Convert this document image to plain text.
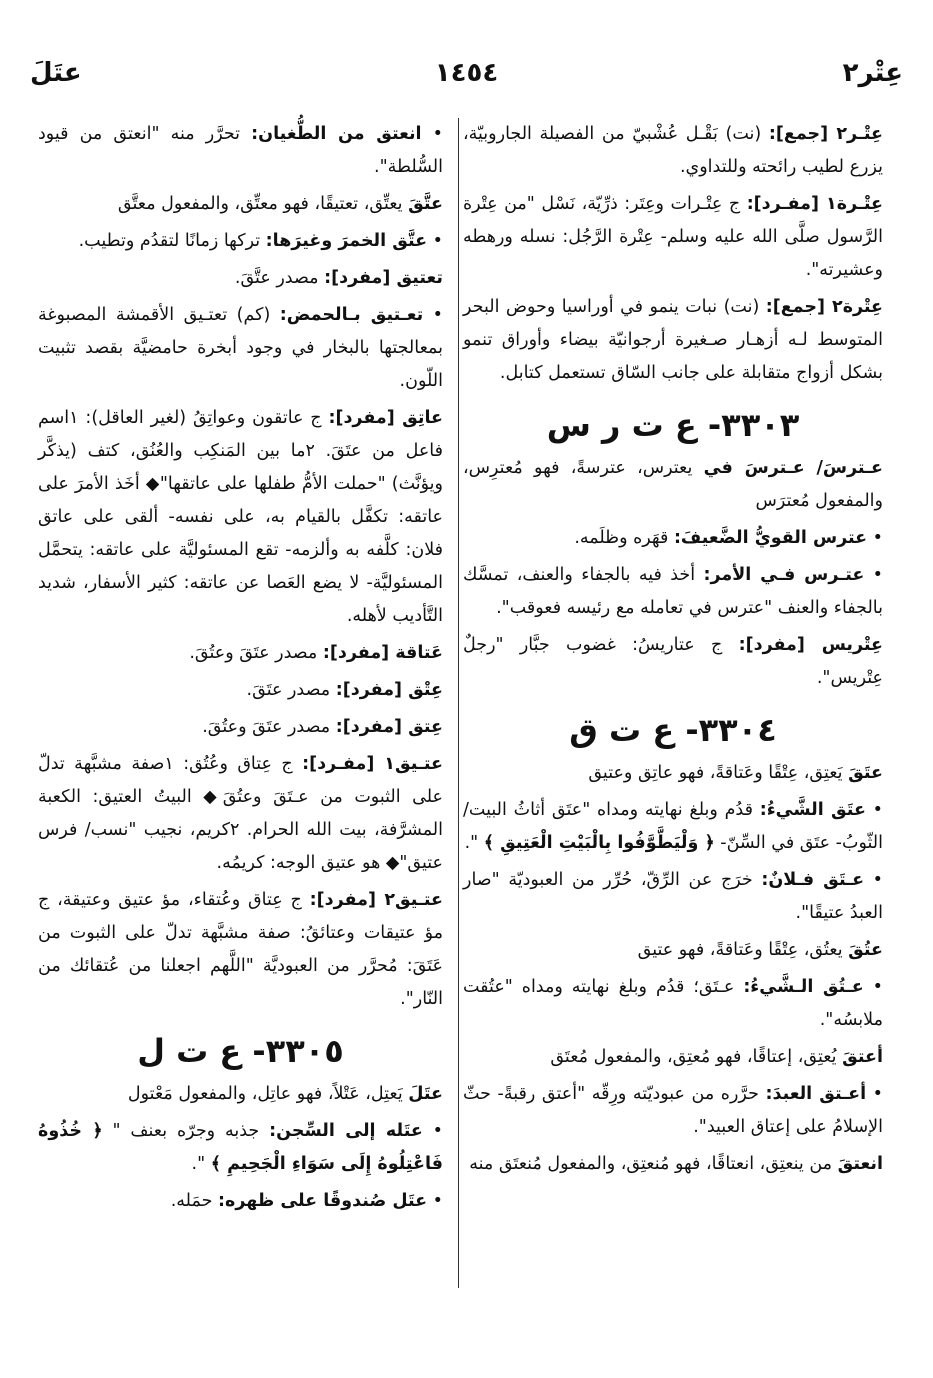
عِتْر٢
١٤٥٤
عتَلَ
عِتْـر٢ [جمع]: (نت) بَقْـل عُشْبيّ من الفصيلة الجاروبيّة، يزرع لطيب رائحته وللتداوي.
عِتْـرة١ [مفـرد]: ج عِتْـرات وعِتَر: ذرِّيّة، نَسْل "من عِتْرة الرَّسول صلَّى الله عليه وسلم- عِتْرة الرَّجُل: نسله ورهطه وعشيرته".
عِتْرة٢ [جمع]: (نت) نبات ينمو في أوراسيا وحوض البحر المتوسط لـه أزهـار صـغيرة أرجوانيّة بيضاء وأوراق تنمو بشكل أزواج متقابلة على جانب السّاق تستعمل كتابل.
٣٣٠٣- ع ت ر س
عـترسَ/ عـترسَ في يعترس، عترسةً، فهو مُعترِس، والمفعول مُعترَس
• عترس القويُّ الضَّعيفَ: قهَره وظلَمه.
• عتـرس فـي الأمر: أخذ فيه بالجفاء والعنف، تمسَّك بالجفاء والعنف "عترس في تعامله مع رئيسه فعوقب".
عِتْريس [مفرد]: ج عتاريسُ: غضوب جبَّار "رجلٌ عِتْريس".
٣٣٠٤- ع ت ق
عتَقَ يَعتِق، عِتْقًا وعَتاقةً، فهو عاتِق وعتيق
• عتَق الشَّيءُ: قدُم وبلغ نهايته ومداه "عتَق أثاثُ البيت/ الثّوبُ- عتَق في السِّنّ- ﴿ وَلْيَطَّوَّفُوا بِالْبَيْتِ الْعَتِيقِ ﴾ ".
• عـتَق فـلانٌ: خرَج عن الرِّقّ، حُرِّر من العبوديّة "صار العبدُ عتيقًا".
عتُقَ يعتُق، عِتْقًا وعَتاقةً، فهو عتيق
• عـتُق الـشَّيءُ: عـتَق؛ قدُم وبلغ نهايته ومداه "عتُقت ملابسُه".
أعتقَ يُعتِق، إعتاقًا، فهو مُعتِق، والمفعول مُعتَق
• أعـتق العبدَ: حرَّره من عبوديّته ورِقّه "أعتق رقبةً- حثّ الإسلامُ على إعتاق العبيد".
انعتقَ من ينعتِق، انعتاقًا، فهو مُنعتِق، والمفعول مُنعتَق منه
• انعتق من الطُّغيان: تحرَّر منه "انعتق من قيود السُّلطة".
عتَّقَ يعتِّق، تعتيقًا، فهو معتِّق، والمفعول معتَّق
• عتَّق الخمرَ وغيرَها: تركها زمانًا لتقدُم وتطيب.
تعتيق [مفرد]: مصدر عتَّقَ.
• تعـتيق بـالحمض: (كم) تعتـيق الأقمشة المصبوغة بمعالجتها بالبخار في وجود أبخرة حامضيَّة بقصد تثبيت اللّون.
عاتِق [مفرد]: ج عاتقون وعواتِقُ (لغير العاقل): ١اسم فاعل من عتَقَ. ٢ما بين المَنكِب والعُنُق، كتف (يذكَّر ويؤنَّث) "حملت الأمُّ طفلها على عاتقها"◆ أخَذ الأمرَ على عاتقه: تكفَّل بالقيام به، على نفسه- ألقى على عاتق فلان: كلَّفه به وألزمه- تقع المسئوليَّة على عاتقه: يتحمَّل المسئوليَّة- لا يضع العَصا عن عاتقه: كثير الأسفار، شديد التَّأديب لأهله.
عَتاقة [مفرد]: مصدر عتَقَ وعتُقَ.
عِتْق [مفرد]: مصدر عتَقَ.
عِتق [مفرد]: مصدر عتَقَ وعتُقَ.
عتـيق١ [مفـرد]: ج عِتاق وعُتُق: ١صفة مشبَّهة تدلّ على الثبوت من عـتَقَ وعتُقَ◆ البيتُ العتيق: الكعبة المشرَّفة، بيت الله الحرام. ٢كريم، نجيب "نسب/ فرس عتيق"◆ هو عتيق الوجه: كريمُه.
عتـيق٢ [مفرد]: ج عِتاق وعُتقاء، مؤ عتيق وعتيقة، ج مؤ عتيقات وعتائقُ: صفة مشبَّهة تدلّ على الثبوت من عَتَقَ: مُحرَّر من العبوديَّة "اللَّهم اجعلنا من عُتقائك من النّار".
٣٣٠٥- ع ت ل
عتَلَ يَعتِل، عَتْلاً، فهو عاتِل، والمفعول مَعْتول
• عتَله إلى السِّجن: جذبه وجرّه بعنف " ﴿ خُذُوهُ فَاعْتِلُوهُ إِلَى سَوَاءِ الْجَحِيمِ ﴾ ".
• عتَل صُندوقًا على ظهره: حمَله.
